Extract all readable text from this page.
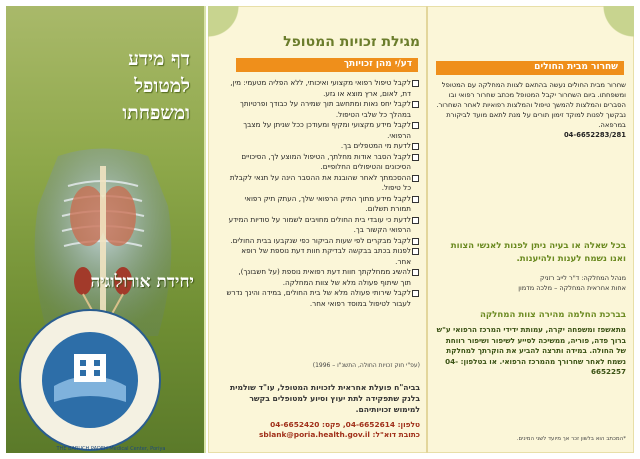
דף מידע
למטופל
ומשפחתו
יחידת אורולוגיה
THE BARUCH PADEH Medical Center, Poriya
מגילת זכויות המטופל
דע/י מהן זכויותך
לקבל טיפול רפואי מקצועי ואיכותי, ללא הפליה מטעמי: מין, דת, לאום, ארץ מוצא או גזע.
לקבל יחס נאות ומתחשב תוך שמירה על כבודך ופרטיותך במהלך כל שלבי הטיפול.
לקבל מידע מקצועי ומקיף ומעודכן ככל שניתן על מצבך הרפואי.
לדעת מי המטפלים בך.
לקבל הסבר אודות מחלתך, הטיפול המוצע לך, הסיכויים הסיכונים והטיפולים החלופיים.
ההסכמתך לאחר שהובנת את ההסבר הינה על תנאי לקבלת כל טיפול.
לקבל מידע מתוך התיק הרפואי שלך, העתק תיק רפואי תמורת תשלום.
לדעת כי עובדי בית החולים מחויבים לשמור על סודיות המידע הרפואי הקשור בך.
לקבל מבקרים לפי שעות הביקור כפי שנקבעו בבית החולים.
לפנות בכתב בבקשה לבדיקת חוות דעת נוספת של רופא אחר.
להשיג ממחלקתך חוות דעת רפואית נוספת (על חשבונך), תוך שיתוף פעולה מלא של צוות המחלקה.
לקבל שירותי פעולה מלא של בית החולים, במידה והינך נדרש לעבור לטיפול במוסד רפואי אחר.
(עפ"י חוק זכויות החולה, התשנ"ו – 1996)
בביה"ח פועלת אחראית לזכויות המטופל, עו"ד שולמית בלנק שתפקידה לתת יעוץ וסיוע למטופלים בקשר למימוש זכויותיהם.
טלפון: 04-6652614, פקס: 04-6652420
כתובת דוא"ל: sblank@poria.health.gov.il
שחרור מבית החולים
שחרור מבית החולים נעשה בהתאם לצוות המחלקה עם המטופל ומשפחתו. ביום השחרור יקבל המטופל מכתב שחרור רפואי ובו הסברים והמלצות להמשך טיפול והמלצות רפואיות לאחר השחרור. נבקשך לפנות למוקד זימון תורים על מנת לתאם מועד לביקורת במרפאה.
04-6652283/281
בכל שאלה או בעיה ניתן לפנות לאנשי הצוות ואנו נשמח לענות ולהיענות.
מנהל המחלקה: ד"ר לייב רזניק
אחות אחראית המחלקה – מלכה מדמון
בברכת החלמה מהירה צוות המחלקה
מתאשפז ומשפחה יקרה, עמותת ידידי המרכז הרפואי ע"ש ברוך פדה, פוריה, ממשיכה לסייע לשיפור ושיפור רווחת של החולה. במידה ותרצה להביע את הוקרתך למחלקת נשמח לאחר שחרורך מהמרכז הרפואי. או בטלפון: 04-6652257
*המכתב הוא בלשון זכר אך מיועד לשני המינים.
